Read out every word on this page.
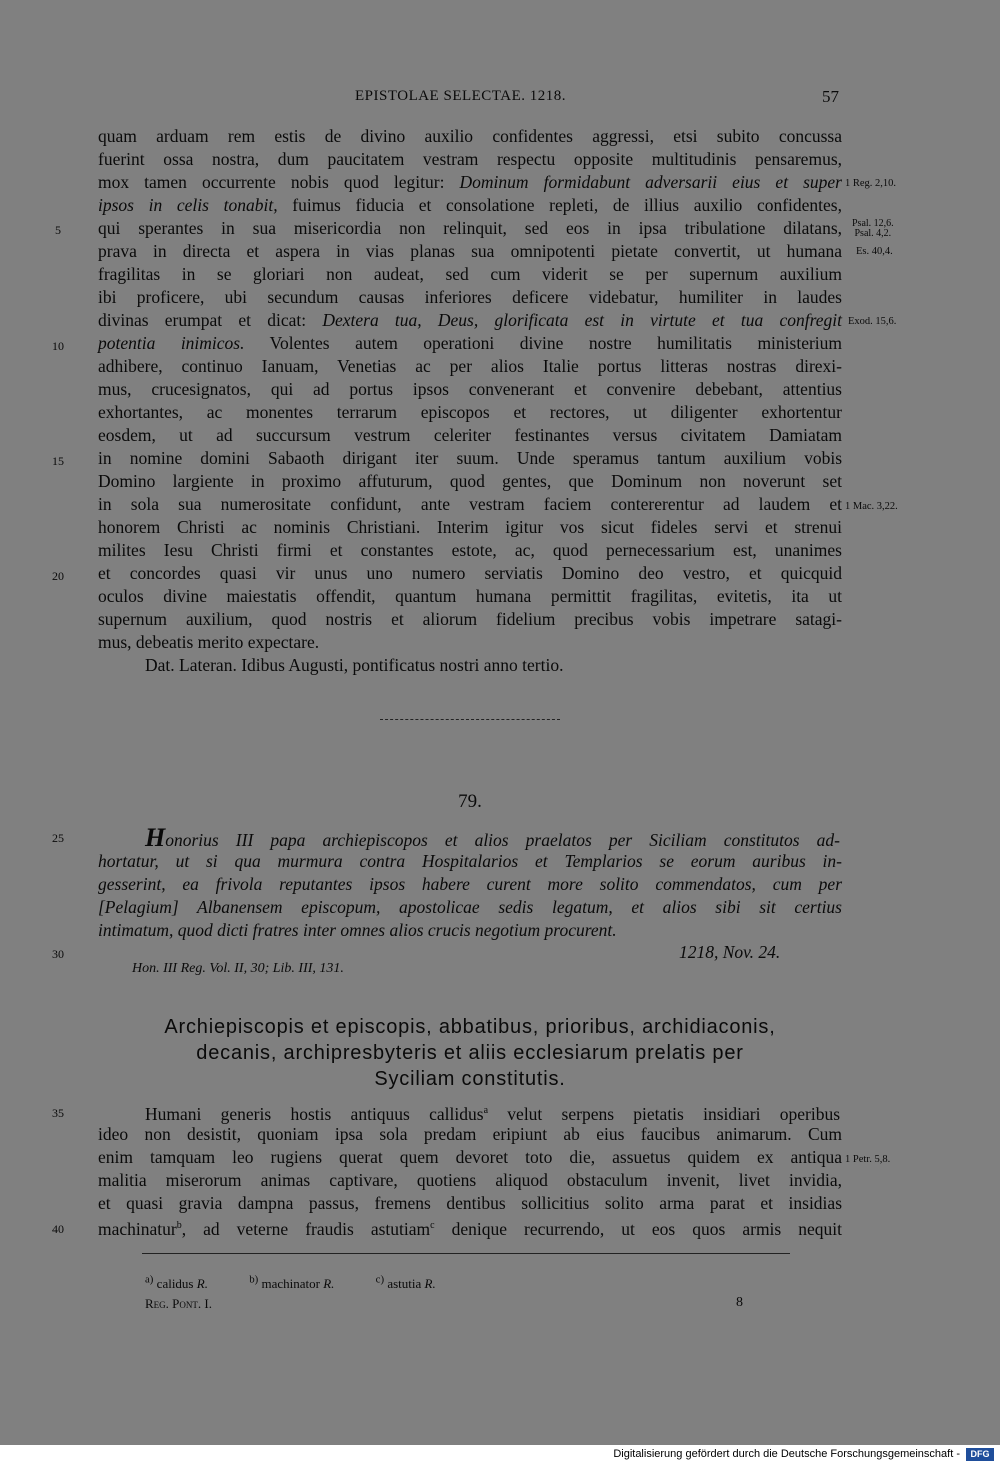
EPISTOLAE SELECTAE. 1218.	57
quam arduam rem estis de divino auxilio confidentes aggressi, etsi subito concussa
fuerint ossa nostra, dum paucitatem vestram respectu opposite multitudinis pensaremus,
mox tamen occurrente nobis quod legitur: Dominum formidabunt adversarii eius et super
ipsos in celis tonabit, fuimus fiducia et consolatione repleti, de illius auxilio confidentes,
qui sperantes in sua misericordia non relinquit, sed eos in ipsa tribulatione dilatans,
prava in directa et aspera in vias planas sua omnipotenti pietate convertit, ut humana
fragilitas in se gloriari non audeat, sed cum viderit se per supernum auxilium
ibi proficere, ubi secundum causas inferiores deficere videbatur, humiliter in laudes
divinas erumpat et dicat: Dextera tua, Deus, glorificata est in virtute et tua confregit
potentia inimicos. Volentes autem operationi divine nostre humilitatis ministerium
adhibere, continuo Ianuam, Venetias ac per alios Italie portus litteras nostras direxi-
mus, crucesignatos, qui ad portus ipsos convenerant et convenire debebant, attentius
exhortantes, ac monentes terrarum episcopos et rectores, ut diligenter exhortentur
eosdem, ut ad succursum vestrum celeriter festinantes versus civitatem Damiatam
in nomine domini Sabaoth dirigant iter suum. Unde speramus tantum auxilium vobis
Domino largiente in proximo affuturum, quod gentes, que Dominum non noverunt set
in sola sua numerositate confidunt, ante vestram faciem contererentur ad laudem et
honorem Christi ac nominis Christiani. Interim igitur vos sicut fideles servi et strenui
milites Iesu Christi firmi et constantes estote, ac, quod pernecessarium est, unanimes
et concordes quasi vir unus uno numero serviatis Domino deo vestro, et quicquid
oculos divine maiestatis offendit, quantum humana permittit fragilitas, evitetis, ita ut
supernum auxilium, quod nostris et aliorum fidelium precibus vobis impetrare satagi-
mus, debeatis merito expectare.
Dat. Lateran. Idibus Augusti, pontificatus nostri anno tertio.
5
10
15
20
25
30
35
40
1 Reg. 2,10.
Psal. 12,6.
Psal. 4,2.
Es. 40,4.
Exod. 15,6.
1 Mac. 3,22.
1 Petr. 5,8.
79.
Honorius III papa archiepiscopos et alios praelatos per Siciliam constitutos ad-
hortatur, ut si qua murmura contra Hospitalarios et Templarios se eorum auribus in-
gesserint, ea frivola reputantes ipsos habere curent more solito commendatos, cum per
[Pelagium] Albanensem episcopum, apostolicae sedis legatum, et alios sibi sit certius
intimatum, quod dicti fratres inter omnes alios crucis negotium procurent.
1218, Nov. 24.
Hon. III Reg. Vol. II, 30; Lib. III, 131.
Archiepiscopis et episcopis, abbatibus, prioribus, archidiaconis,
decanis, archipresbyteris et aliis ecclesiarum prelatis per
Syciliam constitutis.
Humani generis hostis antiquus callidus$^a$ velut serpens pietatis insidiari operibus
ideo non desistit, quoniam ipsa sola predam eripiunt ab eius faucibus animarum. Cum
enim tamquam leo rugiens querat quem devoret toto die, assuetus quidem ex antiqua
malitia miserorum animas captivare, quotiens aliquod obstaculum invenit, livet invidia,
et quasi gravia dampna passus, fremens dentibus sollicitius solito arma parat et insidias
machinatur$^b$, ad veterne fraudis astutiam$^c$ denique recurrendo, ut eos quos armis nequit
$^{a)}$ calidus R.	$^{b)}$ machinator R.	$^{c)}$ astutia R.
Reg. Pont. I.	8
Digitalisierung gefördert durch die Deutsche Forschungsgemeinschaft -	DFG
